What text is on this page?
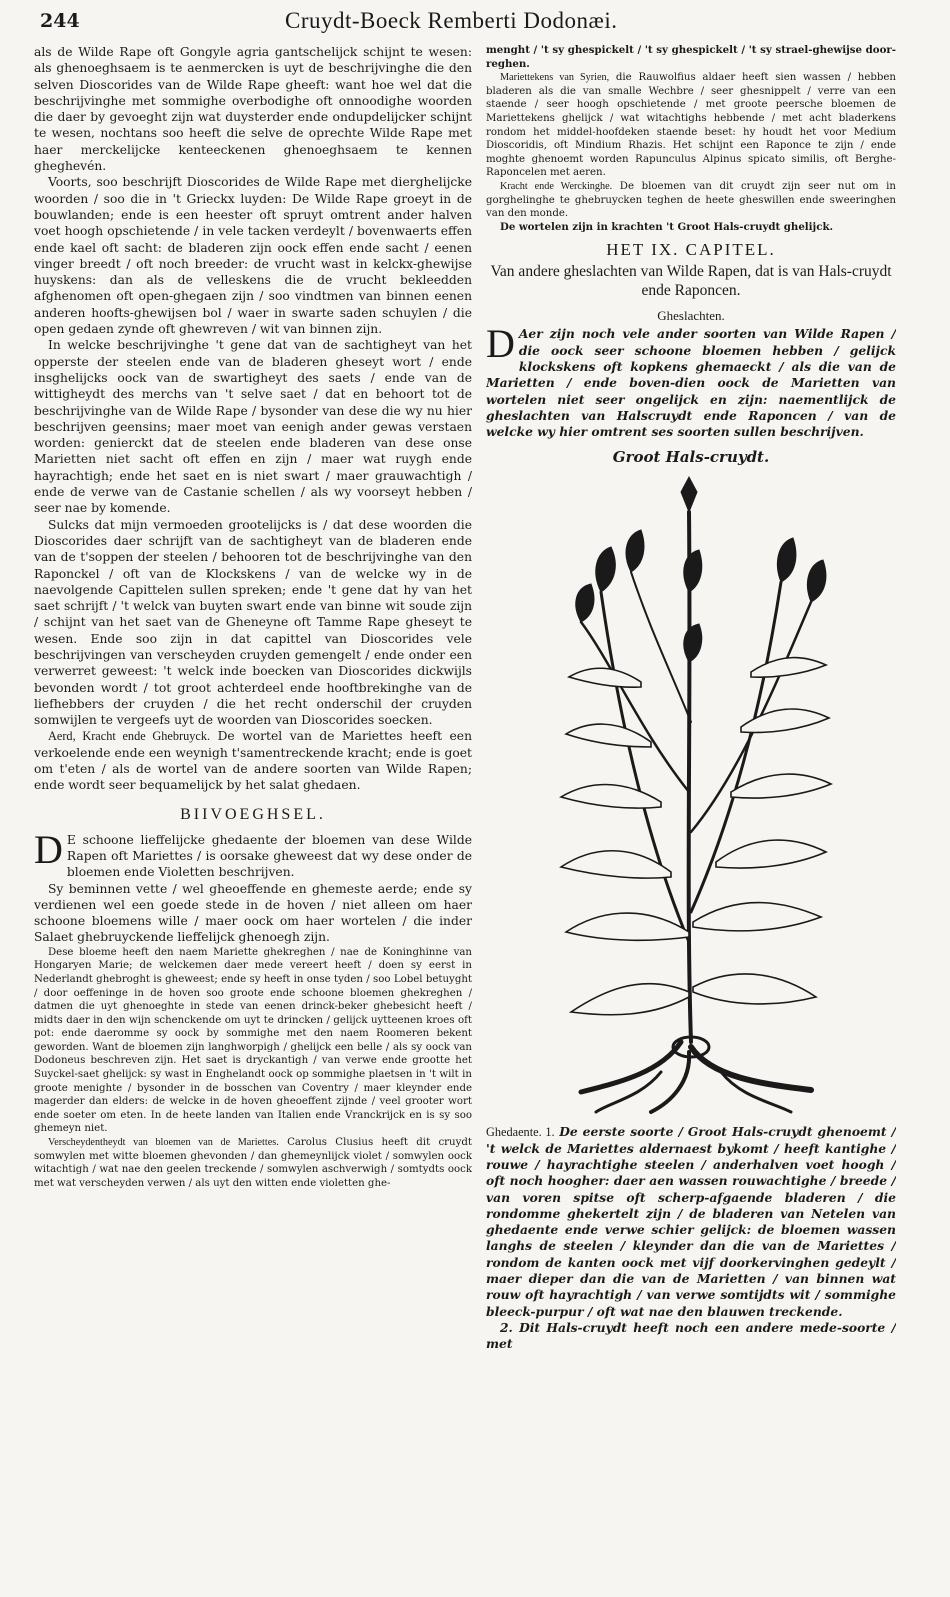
244	Cruydt-Boeck Remberti Dodonæi.

als de Wilde Rape oft Gongyle agria gantschelijck schijnt te wesen: als ghenoeghsaem is te aenmercken is uyt de beschrijvinghe die den selven Dioscorides van de Wilde Rape gheeft: want hoe wel dat die beschrijvinghe met sommighe overbodighe oft onnoodighe woorden die daer by gevoeght zijn wat duysterder ende ondupdelijcker schijnt te wesen, nochtans soo heeft die selve de oprechte Wilde Rape met haer merckelijcke kenteeckenen ghenoeghsaem te kennen gheghevén.

Voorts, soo beschrijft Dioscorides de Wilde Rape met dierghelijcke woorden / soo die in 't Grieckx luyden: De Wilde Rape groeyt in de bouwlanden; ende is een heester oft spruyt omtrent ander halven voet hoogh opschietende / in vele tacken verdeylt / bovenwaerts effen ende kael oft sacht: de bladeren zijn oock effen ende sacht / eenen vinger breedt / oft noch breeder: de vrucht wast in kelckx-ghewijse huyskens: dan als de velleskens die de vrucht bekleedden afghenomen oft open-ghegaen zijn / soo vindtmen van binnen eenen anderen hoofts-ghewijsen bol / waer in swarte saden schuylen / die open gedaen zynde oft ghewreven / wit van binnen zijn.

In welcke beschrijvinghe 't gene dat van de sachtigheyt van het opperste der steelen ende van de bladeren gheseyt wort / ende insghelijcks oock van de swartigheyt des saets / ende van de wittigheydt des merchs van 't selve saet / dat en behoort tot de beschrijvinghe van de Wilde Rape / bysonder van dese die wy nu hier beschrijven geensins; maer moet van eenigh ander gewas verstaen worden: genierckt dat de steelen ende bladeren van dese onse Marietten niet sacht oft effen en zijn / maer wat ruygh ende hayrachtigh; ende het saet en is niet swart / maer grauwachtigh / ende de verwe van de Castanie schellen / als wy voorseyt hebben / seer nae by komende.

Sulcks dat mijn vermoeden grootelijcks is / dat dese woorden die Dioscorides daer schrijft van de sachtigheyt van de bladeren ende van de t'soppen der steelen / behooren tot de beschrijvinghe van den Raponckel / oft van de Klockskens / van de welcke wy in de naevolgende Capittelen sullen spreken; ende 't gene dat hy van het saet schrijft / 't welck van buyten swart ende van binne wit soude zijn / schijnt van het saet van de Gheneyne oft Tamme Rape gheseyt te wesen. Ende soo zijn in dat capittel van Dioscorides vele beschrijvingen van verscheyden cruyden gemengelt / ende onder een verwerret geweest: 't welck inde boecken van Dioscorides dickwijls bevonden wordt / tot groot achterdeel ende hooftbrekinghe van de liefhebbers der cruyden / die het recht onderschil der cruyden somwijlen te vergeefs uyt de woorden van Dioscorides soecken.

Aerd, Kracht ende Ghebruyck. De wortel van de Mariettes heeft een verkoelende ende een weynigh t'samentreckende kracht; ende is goet om t'eten / als de wortel van de andere soorten van Wilde Rapen; ende wordt seer bequamelijck by het salat ghedaen.

BIIVOEGHSEL.

D E schoone lieffelijcke ghedaente der bloemen van dese Wilde Rapen oft Mariettes / is oorsake gheweest dat wy dese onder de bloemen ende Violetten beschrijven.

Sy beminnen vette / wel gheoeffende en ghemeste aerde; ende sy verdienen wel een goede stede in de hoven / niet alleen om haer schoone bloemens wille / maer oock om haer wortelen / die inder Salaet ghebruyckende lieffelijck ghenoegh zijn.

Dese bloeme heeft den naem Mariette ghekreghen / nae de Koninghinne van Hongaryen Marie; de welckemen daer mede vereert heeft / doen sy eerst in Nederlandt ghebroght is gheweest; ende sy heeft in onse tyden / soo Lobel betuyght / door oeffeninge in de hoven soo groote ende schoone bloemen ghekreghen / datmen die uyt ghenoeghte in stede van eenen drinck-beker ghebesicht heeft / midts daer in den wijn schenckende om uyt te drincken / gelijck uytteenen kroes oft pot: ende daeromme sy oock by sommighe met den naem Roomeren bekent geworden. Want de bloemen zijn langhworpigh / ghelijck een belle / als sy oock van Dodoneus beschreven zijn. Het saet is dryckantigh / van verwe ende grootte het Suyckel-saet ghelijck: sy wast in Enghelandt oock op sommighe plaetsen in 't wilt in groote menighte / bysonder in de bosschen van Coventry / maer kleynder ende magerder dan elders: de welcke in de hoven gheoeffent zijnde / veel grooter wort ende soeter om eten. In de heete landen van Italien ende Vranckrijck en is sy soo ghemeyn niet.

Verscheydentheydt van bloemen van de Mariettes. Carolus Clusius heeft dit cruydt somwylen met witte bloemen ghevonden / dan ghemeynlijck violet / somwylen oock witachtigh / wat nae den geelen treckende / somwylen aschverwigh / somtydts oock met wat verscheyden verwen / als uyt den witten ende violetten ghe-

menght / 't sy ghespickelt / 't sy ghespickelt / 't sy strael-ghewijse door-reghen.

Mariettekens van Syrien, die Rauwolfius aldaer heeft sien wassen / hebben bladeren als die van smalle Wechbre / seer ghesnippelt / verre van een staende / seer hoogh opschietende / met groote peersche bloemen de Mariettekens ghelijck / wat witachtighs hebbende / met acht bladerkens rondom het middel-hoofdeken staende beset: hy houdt het voor Medium Dioscoridis, oft Mindium Rhazis. Het schijnt een Raponce te zijn / ende moghte ghenoemt worden Rapunculus Alpinus spicato similis, oft Berghe-Raponcelen met aeren.

Kracht ende Werckinghe. De bloemen van dit cruydt zijn seer nut om in gorghelinghe te ghebruycken teghen de heete gheswillen ende sweeringhen van den monde.

De wortelen zijn in krachten 't Groot Hals-cruydt ghelijck.

HET IX. CAPITEL.
Van andere gheslachten van Wilde Rapen, dat is van Hals-cruydt ende Raponcen.
Gheslachten.

D Aer zijn noch vele ander soorten van Wilde Rapen / die oock seer schoone bloemen hebben / gelijck klockskens oft kopkens ghemaeckt / als die van de Marietten / ende boven-dien oock de Marietten van wortelen niet seer ongelijck en zijn: naementlijck de gheslachten van Halscruydt ende Raponcen / van de welcke wy hier omtrent ses soorten sullen beschrijven.

Groot Hals-cruydt.

Ghedaente. 1. De eerste soorte / Groot Hals-cruydt ghenoemt / 't welck de Mariettes aldernaest bykomt / heeft kantighe / rouwe / hayrachtighe steelen / anderhalven voet hoogh / oft noch hoogher: daer aen wassen rouwachtighe / breede / van voren spitse oft scherp-afgaende bladeren / die rondomme ghekertelt zijn / de bladeren van Netelen van ghedaente ende verwe schier gelijck: de bloemen wassen langhs de steelen / kleynder dan die van de Mariettes / rondom de kanten oock met vijf doorkervinghen gedeylt / maer dieper dan die van de Marietten / van binnen wat rouw oft hayrachtigh / van verwe somtijdts wit / sommighe bleeck-purpur / oft wat nae den blauwen treckende.

2. Dit Hals-cruydt heeft noch een andere mede-soorte / met
